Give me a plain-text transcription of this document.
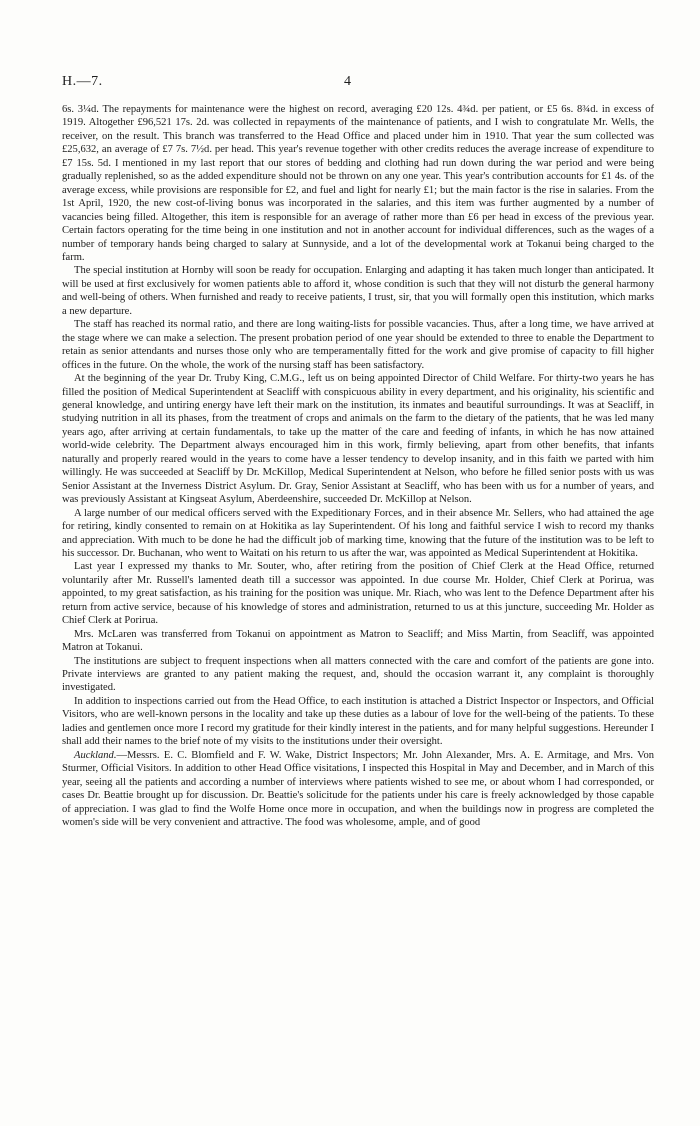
H.—7.	4

6s. 3¼d. The repayments for maintenance were the highest on record, averaging £20 12s. 4¾d. per patient, or £5 6s. 8¾d. in excess of 1919. Altogether £96,521 17s. 2d. was collected in repayments of the maintenance of patients, and I wish to congratulate Mr. Wells, the receiver, on the result. This branch was transferred to the Head Office and placed under him in 1910. That year the sum collected was £25,632, an average of £7 7s. 7½d. per head. This year's revenue together with other credits reduces the average increase of expenditure to £7 15s. 5d. I mentioned in my last report that our stores of bedding and clothing had run down during the war period and were being gradually replenished, so as the added expenditure should not be thrown on any one year. This year's contribution accounts for £1 4s. of the average excess, while provisions are responsible for £2, and fuel and light for nearly £1; but the main factor is the rise in salaries. From the 1st April, 1920, the new cost-of-living bonus was incorporated in the salaries, and this item was further augmented by a number of vacancies being filled. Altogether, this item is responsible for an average of rather more than £6 per head in excess of the previous year. Certain factors operating for the time being in one institution and not in another account for individual differences, such as the wages of a number of temporary hands being charged to salary at Sunnyside, and a lot of the developmental work at Tokanui being charged to the farm.

The special institution at Hornby will soon be ready for occupation. Enlarging and adapting it has taken much longer than anticipated. It will be used at first exclusively for women patients able to afford it, whose condition is such that they will not disturb the general harmony and well-being of others. When furnished and ready to receive patients, I trust, sir, that you will formally open this institution, which marks a new departure.

The staff has reached its normal ratio, and there are long waiting-lists for possible vacancies. Thus, after a long time, we have arrived at the stage where we can make a selection. The present probation period of one year should be extended to three to enable the Department to retain as senior attendants and nurses those only who are temperamentally fitted for the work and give promise of capacity to fill higher offices in the future. On the whole, the work of the nursing staff has been satisfactory.

At the beginning of the year Dr. Truby King, C.M.G., left us on being appointed Director of Child Welfare. For thirty-two years he has filled the position of Medical Superintendent at Seacliff with conspicuous ability in every department, and his originality, his scientific and general knowledge, and untiring energy have left their mark on the institution, its inmates and beautiful surroundings. It was at Seacliff, in studying nutrition in all its phases, from the treatment of crops and animals on the farm to the dietary of the patients, that he was led many years ago, after arriving at certain fundamentals, to take up the matter of the care and feeding of infants, in which he has now attained world-wide celebrity. The Department always encouraged him in this work, firmly believing, apart from other benefits, that infants naturally and properly reared would in the years to come have a lesser tendency to develop insanity, and in this faith we parted with him willingly. He was succeeded at Seacliff by Dr. McKillop, Medical Superintendent at Nelson, who before he filled senior posts with us was Senior Assistant at the Inverness District Asylum. Dr. Gray, Senior Assistant at Seacliff, who has been with us for a number of years, and was previously Assistant at Kingseat Asylum, Aberdeenshire, succeeded Dr. McKillop at Nelson.

A large number of our medical officers served with the Expeditionary Forces, and in their absence Mr. Sellers, who had attained the age for retiring, kindly consented to remain on at Hokitika as lay Superintendent. Of his long and faithful service I wish to record my thanks and appreciation. With much to be done he had the difficult job of marking time, knowing that the future of the institution was to be left to his successor. Dr. Buchanan, who went to Waitati on his return to us after the war, was appointed as Medical Superintendent at Hokitika.

Last year I expressed my thanks to Mr. Souter, who, after retiring from the position of Chief Clerk at the Head Office, returned voluntarily after Mr. Russell's lamented death till a successor was appointed. In due course Mr. Holder, Chief Clerk at Porirua, was appointed, to my great satisfaction, as his training for the position was unique. Mr. Riach, who was lent to the Defence Department after his return from active service, because of his knowledge of stores and administration, returned to us at this juncture, succeeding Mr. Holder as Chief Clerk at Porirua.

Mrs. McLaren was transferred from Tokanui on appointment as Matron to Seacliff; and Miss Martin, from Seacliff, was appointed Matron at Tokanui.

The institutions are subject to frequent inspections when all matters connected with the care and comfort of the patients are gone into. Private interviews are granted to any patient making the request, and, should the occasion warrant it, any complaint is thoroughly investigated.

In addition to inspections carried out from the Head Office, to each institution is attached a District Inspector or Inspectors, and Official Visitors, who are well-known persons in the locality and take up these duties as a labour of love for the well-being of the patients. To these ladies and gentlemen once more I record my gratitude for their kindly interest in the patients, and for many helpful suggestions. Hereunder I shall add their names to the brief note of my visits to the institutions under their oversight.

Auckland.—Messrs. E. C. Blomfield and F. W. Wake, District Inspectors; Mr. John Alexander, Mrs. A. E. Armitage, and Mrs. Von Sturmer, Official Visitors. In addition to other Head Office visitations, I inspected this Hospital in May and December, and in March of this year, seeing all the patients and according a number of interviews where patients wished to see me, or about whom I had corresponded, or cases Dr. Beattie brought up for discussion. Dr. Beattie's solicitude for the patients under his care is freely acknowledged by those capable of appreciation. I was glad to find the Wolfe Home once more in occupation, and when the buildings now in progress are completed the women's side will be very convenient and attractive. The food was wholesome, ample, and of good
